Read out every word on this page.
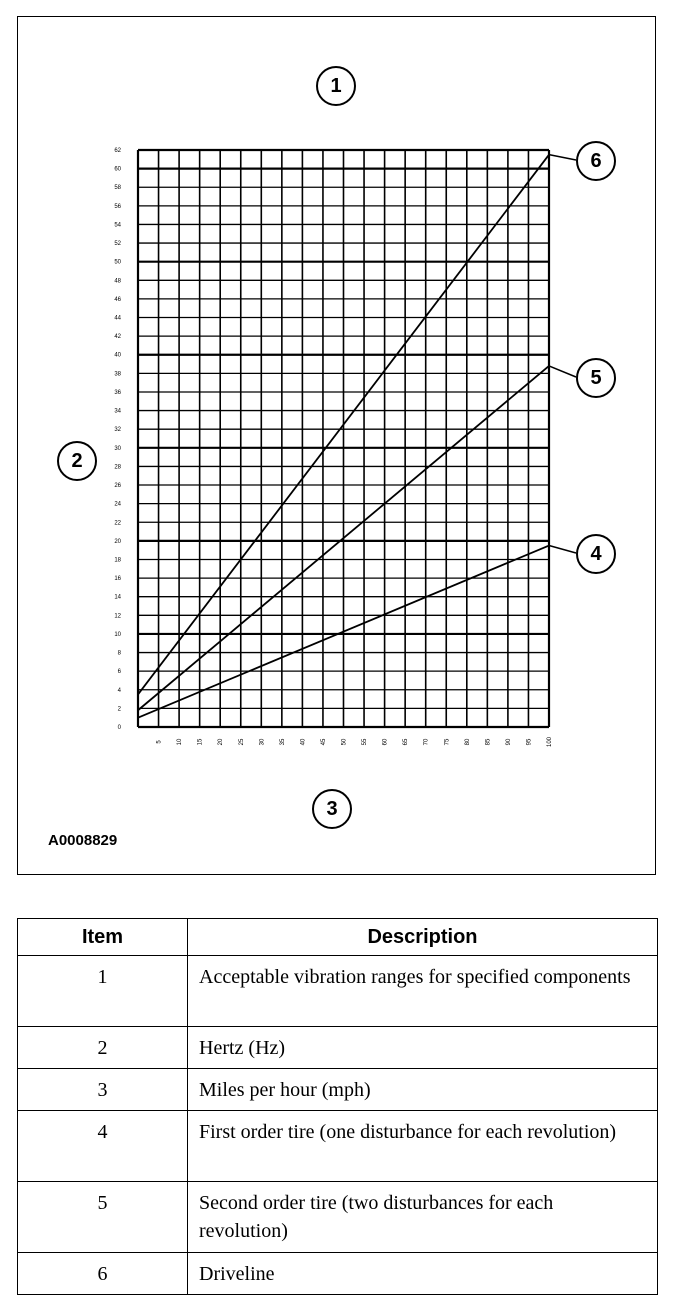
0
2
4
6
8
10
12
14
16
18
20
22
24
26
28
30
32
34
36
38
40
42
44
46
48
50
52
54
56
58
60
62
5 10 15 20 25 30 35 40 45 50 55 60 65 70 75 80 85 90 95 100
1
2
3
4
5
6
A0008829
Item	Description
1	Acceptable vibration ranges for specified components
2	Hertz (Hz)
3	Miles per hour (mph)
4	First order tire (one disturbance for each revolution)
5	Second order tire (two disturbances for each revolution)
6	Driveline
